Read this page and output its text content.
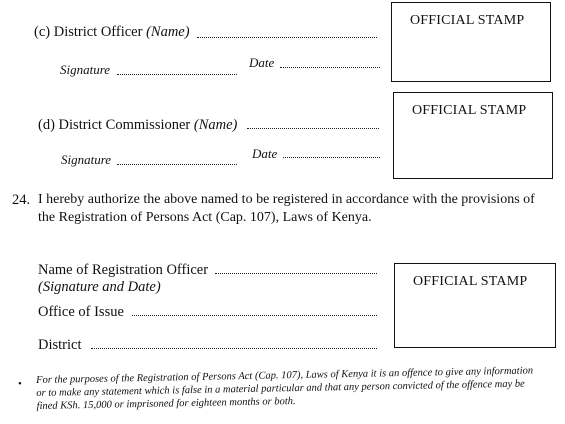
(c) District Officer (Name)
Signature	Date
OFFICIAL STAMP
(d) District Commissioner (Name)
Signature	Date
OFFICIAL STAMP
24. I hereby authorize the above named to be registered in accordance with the provisions of
the Registration of Persons Act (Cap. 107), Laws of Kenya.
Name of Registration Officer
(Signature and Date)
Office of Issue
District
OFFICIAL STAMP
• For the purposes of the Registration of Persons Act (Cap. 107), Laws of Kenya it is an offence to give any information or to make any statement which is false in a material particular and that any person convicted of the offence may be fined KSh. 15,000 or imprisoned for eighteen months or both.
